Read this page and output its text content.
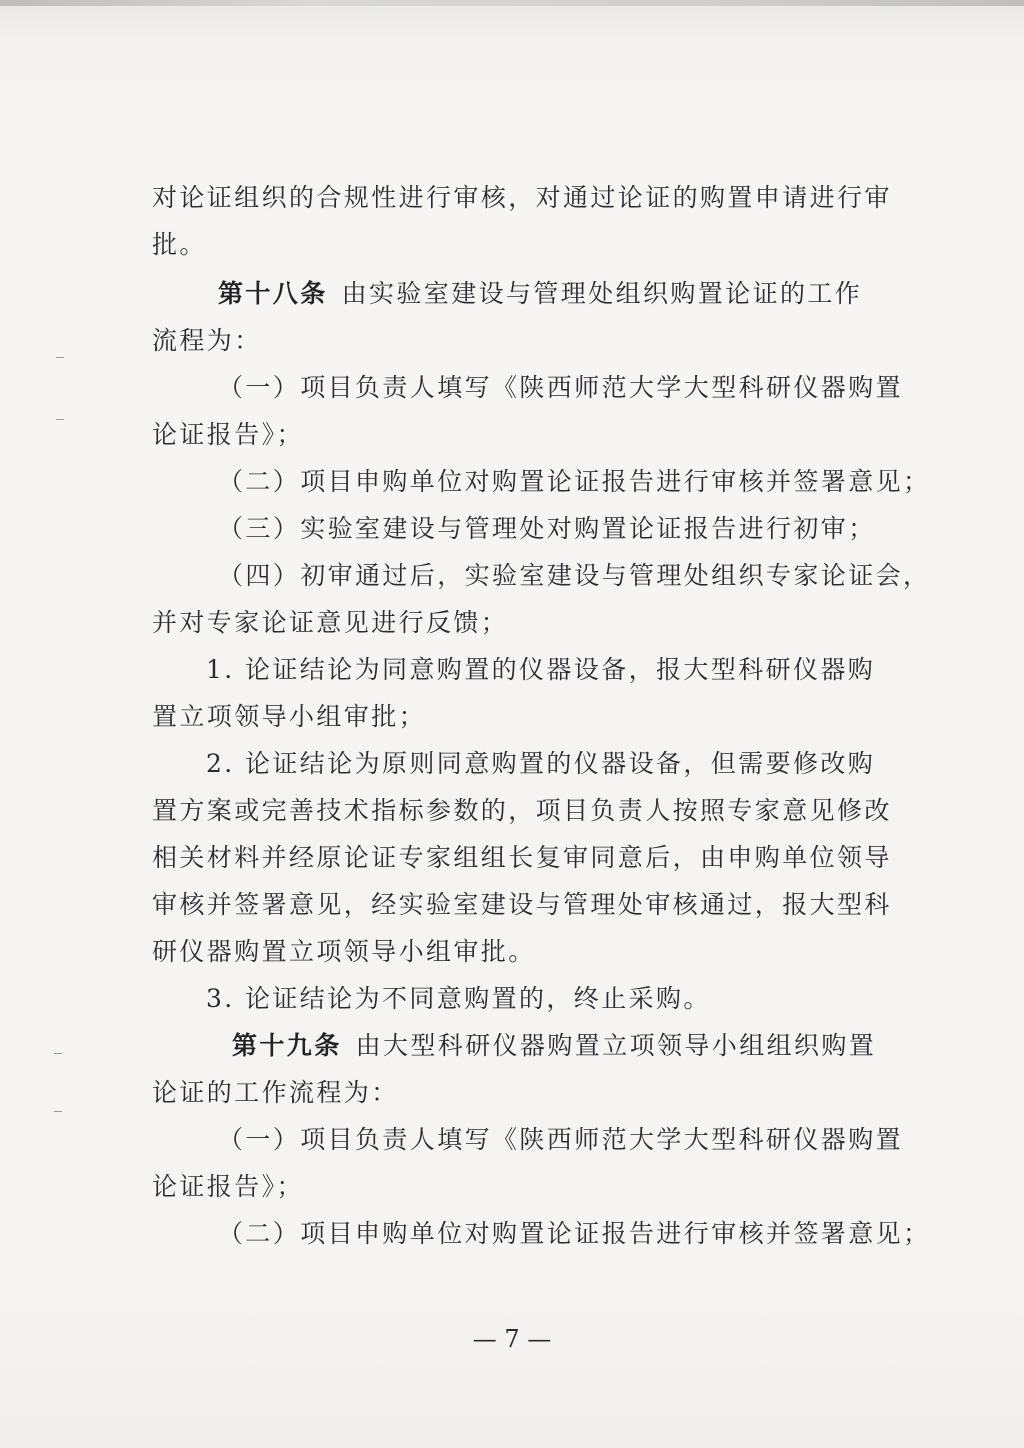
对论证组织的合规性进行审核，对通过论证的购置申请进行审
批。
第十八条 由实验室建设与管理处组织购置论证的工作
流程为：
（一）项目负责人填写《陕西师范大学大型科研仪器购置
论证报告》；
（二）项目申购单位对购置论证报告进行审核并签署意见；
（三）实验室建设与管理处对购置论证报告进行初审；
（四）初审通过后，实验室建设与管理处组织专家论证会，
并对专家论证意见进行反馈；
1. 论证结论为同意购置的仪器设备，报大型科研仪器购
置立项领导小组审批；
2. 论证结论为原则同意购置的仪器设备，但需要修改购
置方案或完善技术指标参数的，项目负责人按照专家意见修改
相关材料并经原论证专家组组长复审同意后，由申购单位领导
审核并签署意见，经实验室建设与管理处审核通过，报大型科
研仪器购置立项领导小组审批。
3. 论证结论为不同意购置的，终止采购。
第十九条 由大型科研仪器购置立项领导小组组织购置
论证的工作流程为：
（一）项目负责人填写《陕西师范大学大型科研仪器购置
论证报告》；
（二）项目申购单位对购置论证报告进行审核并签署意见；
— 7 —
